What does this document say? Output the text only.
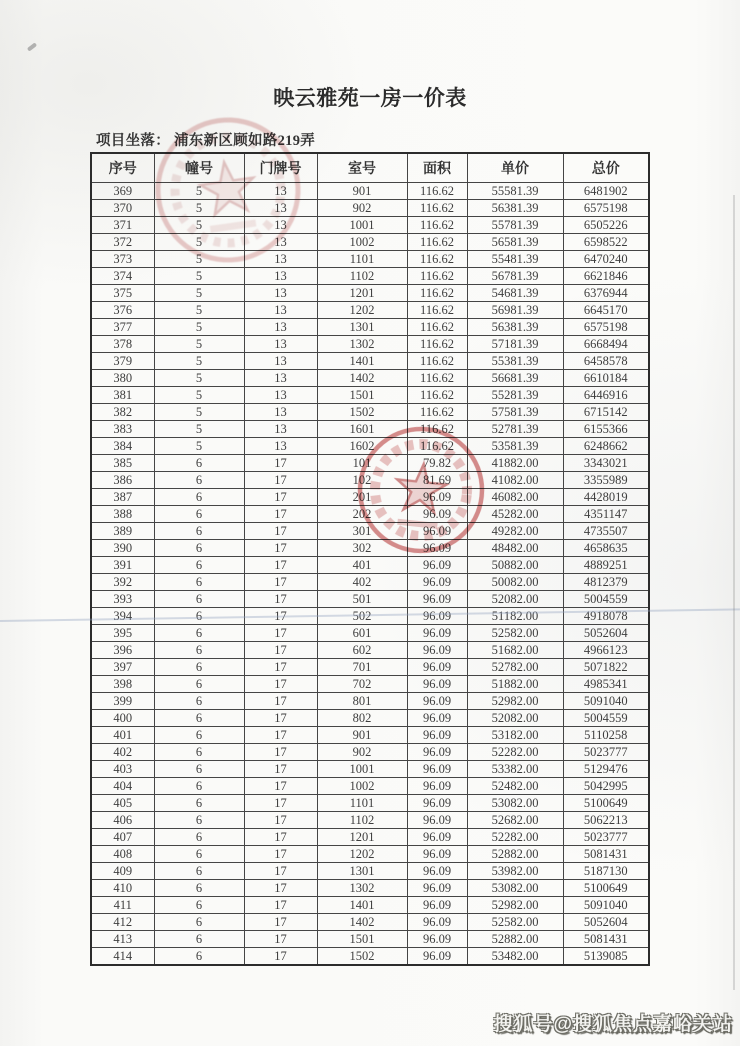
映云雅苑一房一价表
项目坐落： 浦东新区顾如路219弄
序号	幢号	门牌号	室号	面积	单价	总价
369	5	13	901	116.62	55581.39	6481902
370	5	13	902	116.62	56381.39	6575198
371	5	13	1001	116.62	55781.39	6505226
372	5	13	1002	116.62	56581.39	6598522
373	5	13	1101	116.62	55481.39	6470240
374	5	13	1102	116.62	56781.39	6621846
375	5	13	1201	116.62	54681.39	6376944
376	5	13	1202	116.62	56981.39	6645170
377	5	13	1301	116.62	56381.39	6575198
378	5	13	1302	116.62	57181.39	6668494
379	5	13	1401	116.62	55381.39	6458578
380	5	13	1402	116.62	56681.39	6610184
381	5	13	1501	116.62	55281.39	6446916
382	5	13	1502	116.62	57581.39	6715142
383	5	13	1601	116.62	52781.39	6155366
384	5	13	1602	116.62	53581.39	6248662
385	6	17	101	79.82	41882.00	3343021
386	6	17	102	81.69	41082.00	3355989
387	6	17	201	96.09	46082.00	4428019
388	6	17	202	96.09	45282.00	4351147
389	6	17	301	96.09	49282.00	4735507
390	6	17	302	96.09	48482.00	4658635
391	6	17	401	96.09	50882.00	4889251
392	6	17	402	96.09	50082.00	4812379
393	6	17	501	96.09	52082.00	5004559
394	6	17	502	96.09	51182.00	4918078
395	6	17	601	96.09	52582.00	5052604
396	6	17	602	96.09	51682.00	4966123
397	6	17	701	96.09	52782.00	5071822
398	6	17	702	96.09	51882.00	4985341
399	6	17	801	96.09	52982.00	5091040
400	6	17	802	96.09	52082.00	5004559
401	6	17	901	96.09	53182.00	5110258
402	6	17	902	96.09	52282.00	5023777
403	6	17	1001	96.09	53382.00	5129476
404	6	17	1002	96.09	52482.00	5042995
405	6	17	1101	96.09	53082.00	5100649
406	6	17	1102	96.09	52682.00	5062213
407	6	17	1201	96.09	52282.00	5023777
408	6	17	1202	96.09	52882.00	5081431
409	6	17	1301	96.09	53982.00	5187130
410	6	17	1302	96.09	53082.00	5100649
411	6	17	1401	96.09	52982.00	5091040
412	6	17	1402	96.09	52582.00	5052604
413	6	17	1501	96.09	52882.00	5081431
414	6	17	1502	96.09	53482.00	5139085
搜狐号@搜狐焦点嘉峪关站
